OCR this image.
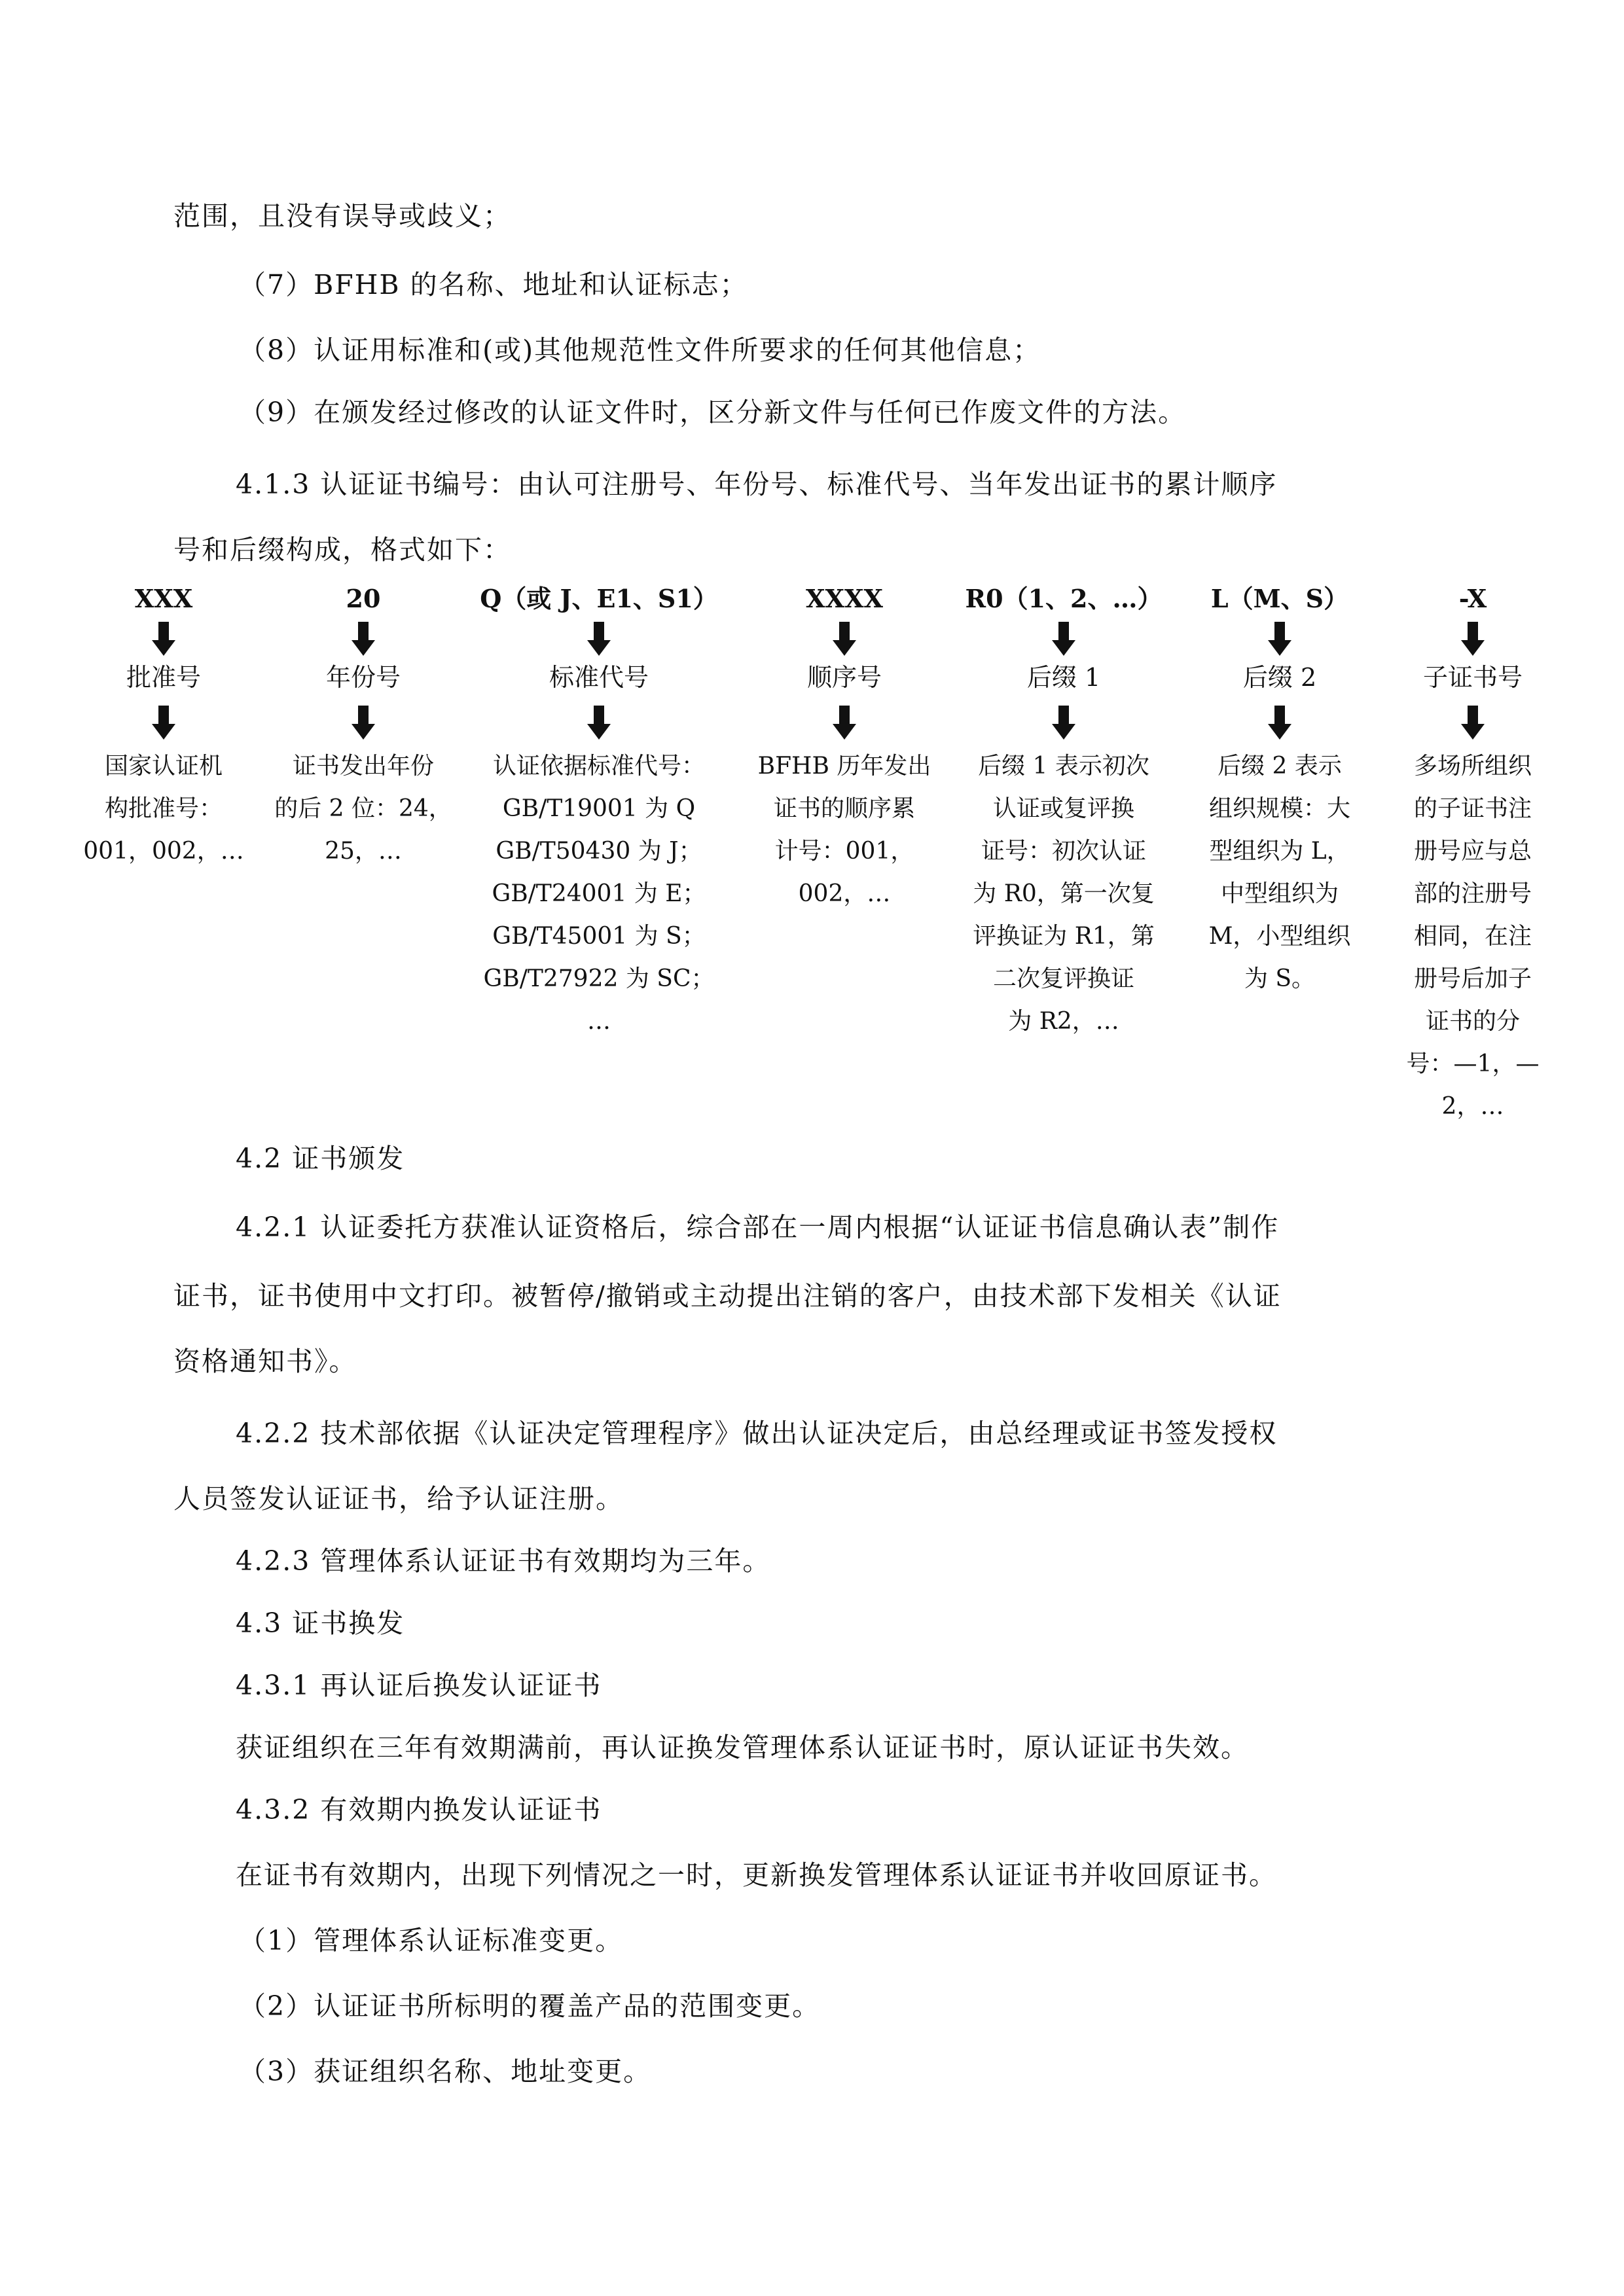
范围，且没有误导或歧义；
（7）BFHB 的名称、地址和认证标志；
（8）认证用标准和(或)其他规范性文件所要求的任何其他信息；
（9）在颁发经过修改的认证文件时，区分新文件与任何已作废文件的方法。
4.1.3 认证证书编号：由认可注册号、年份号、标准代号、当年发出证书的累计顺序
号和后缀构成，格式如下：
XXX
批准号
国家认证机
构批准号：
001，002，…
20
年份号
证书发出年份
的后 2 位：24，
25，…
Q（或 J、E1、S1）
标准代号
认证依据标准代号：
GB/T19001 为 Q
GB/T50430 为 J；
GB/T24001 为 E；
GB/T45001 为 S；
GB/T27922 为 SC；
…
XXXX
顺序号
BFHB 历年发出
证书的顺序累
计号：001，
002，…
R0（1、2、…）
后缀 1
后缀 1 表示初次
认证或复评换
证号：初次认证
为 R0，第一次复
评换证为 R1，第
二次复评换证
为 R2，…
L（M、S）
后缀 2
后缀 2 表示
组织规模：大
型组织为 L，
中型组织为
M，小型组织
为 S。
-X
子证书号
多场所组织
的子证书注
册号应与总
部的注册号
相同，在注
册号后加子
证书的分
号：—1，—
2，…
4.2 证书颁发
4.2.1 认证委托方获准认证资格后，综合部在一周内根据“认证证书信息确认表”制作
证书，证书使用中文打印。被暂停/撤销或主动提出注销的客户，由技术部下发相关《认证
资格通知书》。
4.2.2 技术部依据《认证决定管理程序》做出认证决定后，由总经理或证书签发授权
人员签发认证证书，给予认证注册。
4.2.3 管理体系认证证书有效期均为三年。
4.3 证书换发
4.3.1 再认证后换发认证证书
获证组织在三年有效期满前，再认证换发管理体系认证证书时，原认证证书失效。
4.3.2 有效期内换发认证证书
在证书有效期内，出现下列情况之一时，更新换发管理体系认证证书并收回原证书。
（1）管理体系认证标准变更。
（2）认证证书所标明的覆盖产品的范围变更。
（3）获证组织名称、地址变更。
